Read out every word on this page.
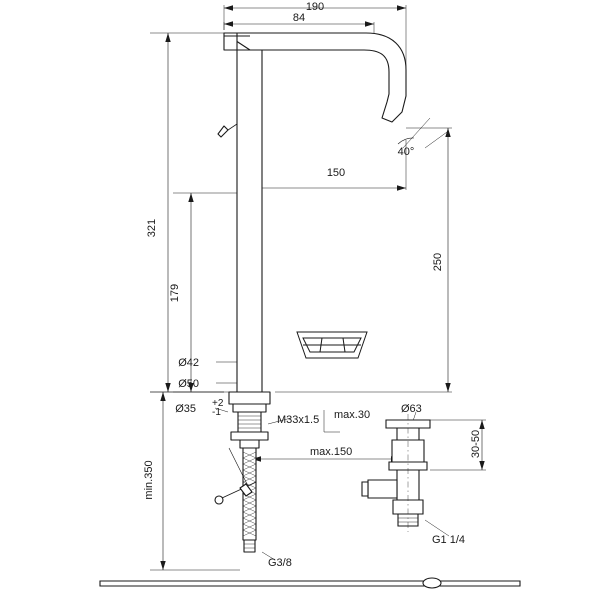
190
84
40°
150
321
250
179
Ø42
Ø50
Ø35 +2
-1
M33x1.5 max.30	Ø63
30-50
max.150
min.350
G1 1/4
G3/8
